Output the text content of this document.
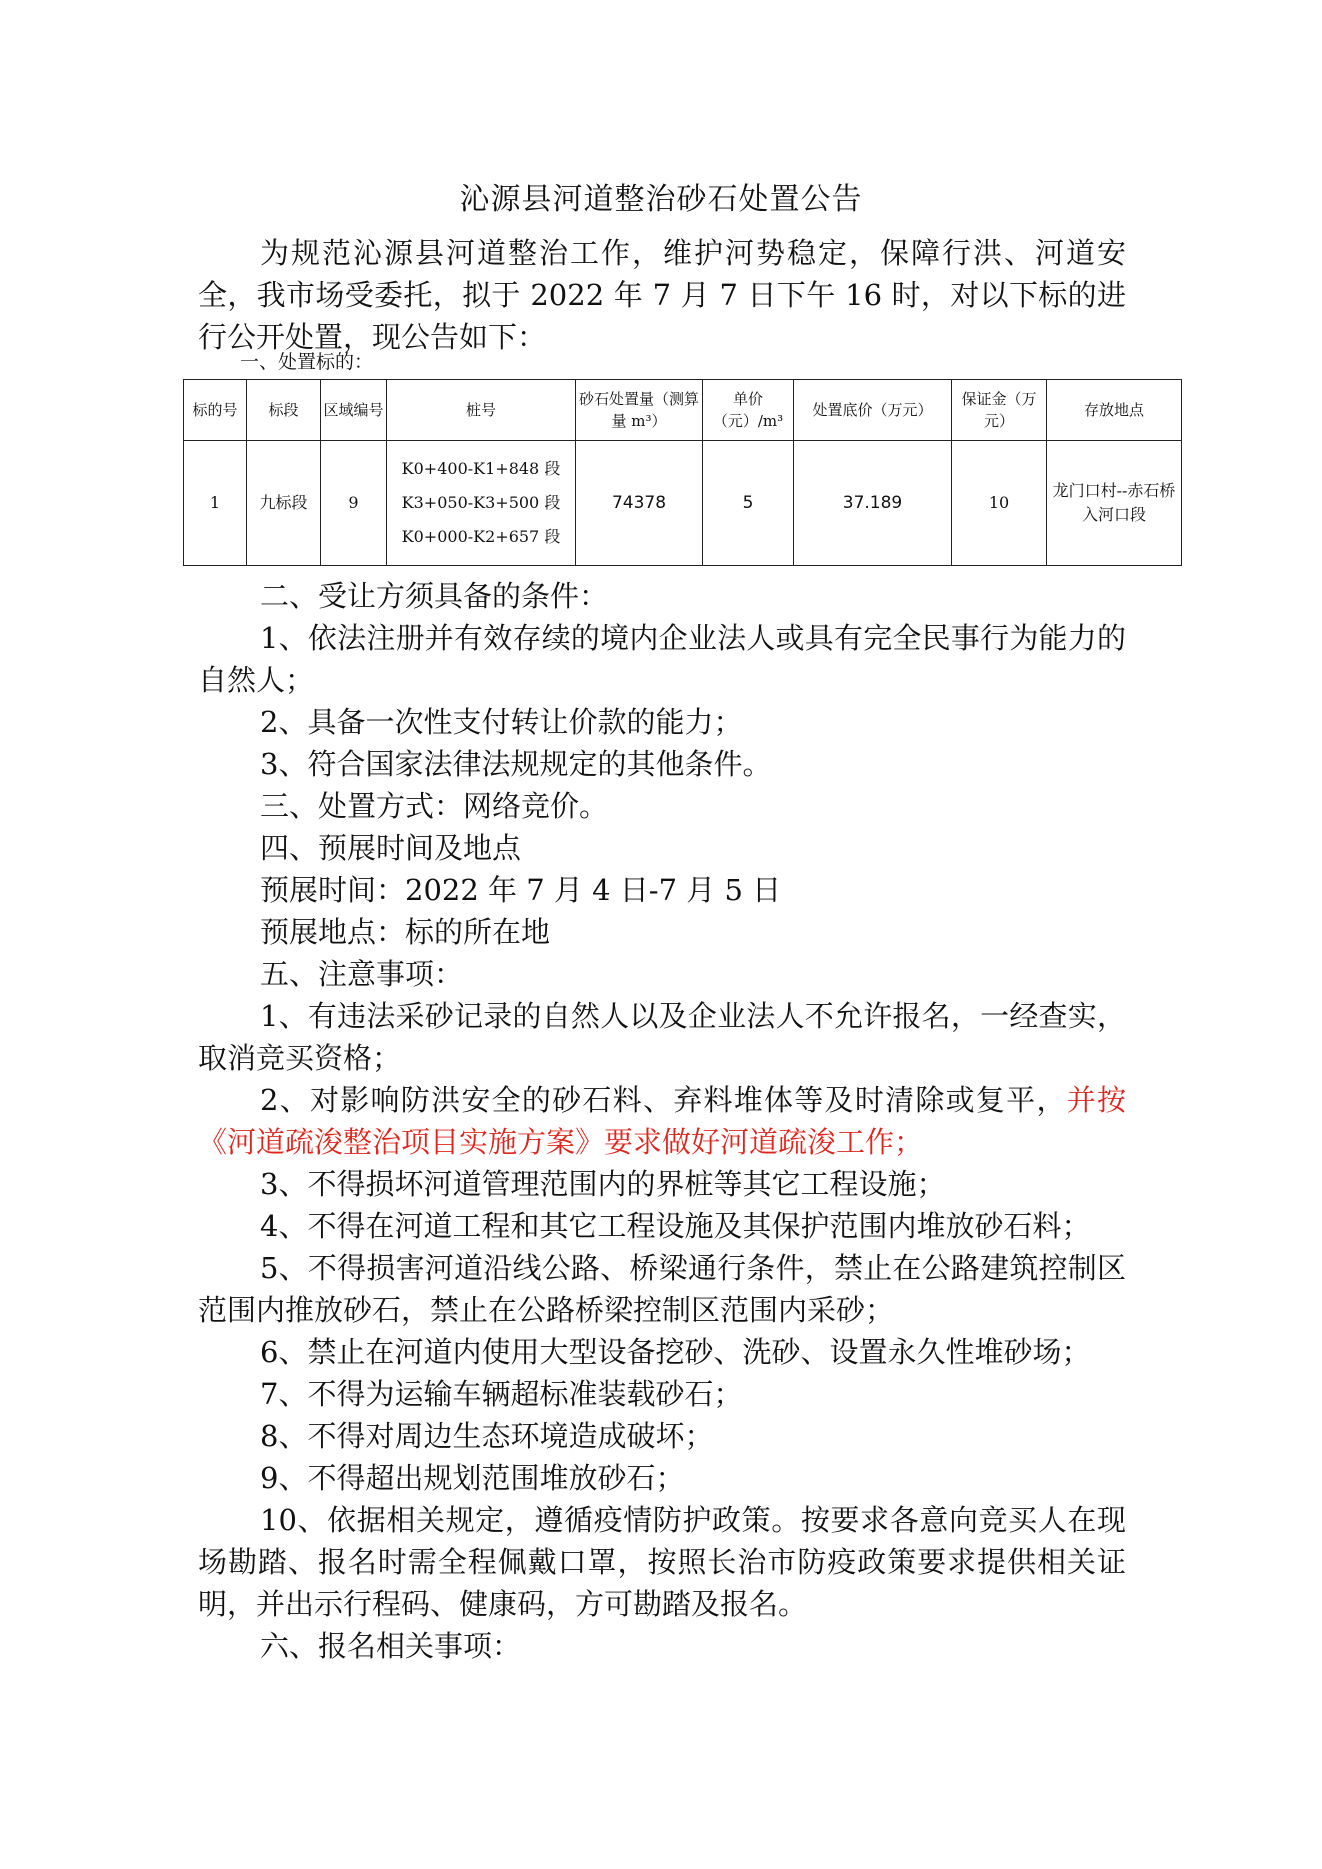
沁源县河道整治砂石处置公告
为规范沁源县河道整治工作，维护河势稳定，保障行洪、河道安全，我市场受委托，拟于 2022 年 7 月 7 日下午 16 时，对以下标的进行公开处置，现公告如下：
一、处置标的：
标的号	标段	区域编号	桩号	砂石处置量（测算量 m³）	单价（元）/m³	处置底价（万元）	保证金（万元）	存放地点
1	九标段	9	K0+400-K1+848 段
K3+050-K3+500 段
K0+000-K2+657 段	74378	5	37.189	10	龙门口村--赤石桥入河口段

二、受让方须具备的条件：

1、依法注册并有效存续的境内企业法人或具有完全民事行为能力的自然人；

2、具备一次性支付转让价款的能力；

3、符合国家法律法规规定的其他条件。

三、处置方式：网络竞价。

四、预展时间及地点

预展时间：2022 年 7 月 4 日-7 月 5 日

预展地点：标的所在地

五、注意事项：

1、有违法采砂记录的自然人以及企业法人不允许报名，一经查实，取消竞买资格；

2、对影响防洪安全的砂石料、弃料堆体等及时清除或复平，并按《河道疏浚整治项目实施方案》要求做好河道疏浚工作；

3、不得损坏河道管理范围内的界桩等其它工程设施；

4、不得在河道工程和其它工程设施及其保护范围内堆放砂石料；

5、不得损害河道沿线公路、桥梁通行条件，禁止在公路建筑控制区范围内推放砂石，禁止在公路桥梁控制区范围内采砂；

6、禁止在河道内使用大型设备挖砂、洗砂、设置永久性堆砂场；

7、不得为运输车辆超标准装载砂石；

8、不得对周边生态环境造成破坏；

9、不得超出规划范围堆放砂石；

10、依据相关规定，遵循疫情防护政策。按要求各意向竞买人在现场勘踏、报名时需全程佩戴口罩，按照长治市防疫政策要求提供相关证明，并出示行程码、健康码，方可勘踏及报名。

六、报名相关事项：
